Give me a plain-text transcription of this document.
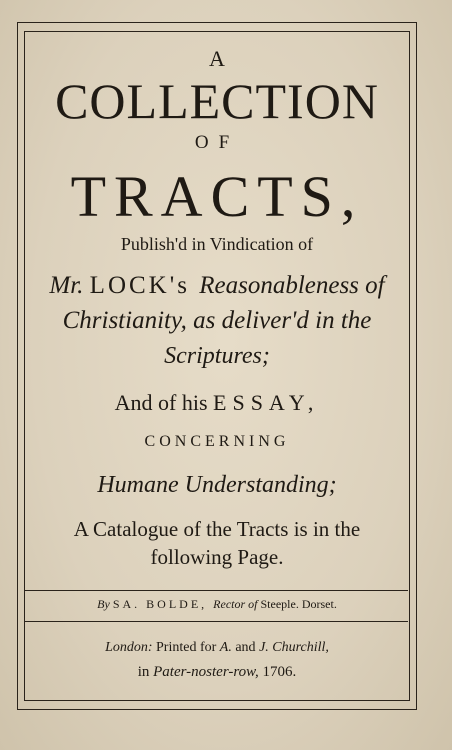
A
COLLECTION
OF
TRACTS,
Publish'd in Vindication of
Mr. LOCK's Reasonableness of
Christianity, as deliver'd in the
Scriptures;
And of his ESSAY,
CONCERNING
Humane Understanding;
A Catalogue of the Tracts is in the
following Page.
By SA. BOLDE, Rector of Steeple. Dorset.
London: Printed for A. and J. Churchill,
in Pater-noster-row, 1706.
